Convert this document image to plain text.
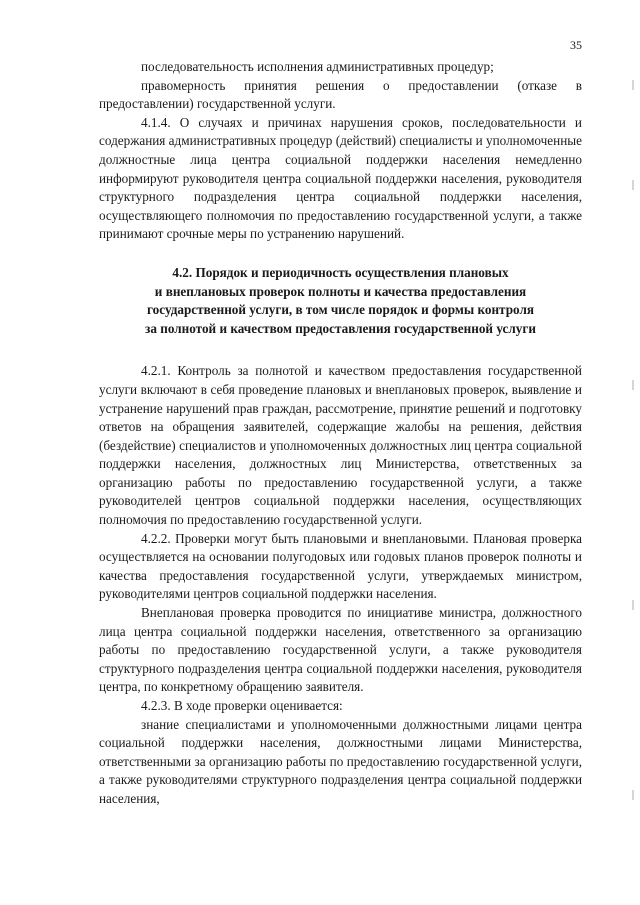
35

последовательность исполнения административных процедур;

правомерность принятия решения о предоставлении (отказе в предоставлении) государственной услуги.

4.1.4. О случаях и причинах нарушения сроков, последовательности и содержания административных процедур (действий) специалисты и уполномоченные должностные лица центра социальной поддержки населения немедленно информируют руководителя центра социальной поддержки населения, руководителя структурного подразделения центра социальной поддержки населения, осуществляющего полномочия по предоставлению государственной услуги, а также принимают срочные меры по устранению нарушений.

4.2. Порядок и периодичность осуществления плановых
и внеплановых проверок полноты и качества предоставления
государственной услуги, в том числе порядок и формы контроля
за полнотой и качеством предоставления государственной услуги

4.2.1. Контроль за полнотой и качеством предоставления государственной услуги включают в себя проведение плановых и внеплановых проверок, выявление и устранение нарушений прав граждан, рассмотрение, принятие решений и подготовку ответов на обращения заявителей, содержащие жалобы на решения, действия (бездействие) специалистов и уполномоченных должностных лиц центра социальной поддержки населения, должностных лиц Министерства, ответственных за организацию работы по предоставлению государственной услуги, а также руководителей центров социальной поддержки населения, осуществляющих полномочия по предоставлению государственной услуги.

4.2.2. Проверки могут быть плановыми и внеплановыми. Плановая проверка осуществляется на основании полугодовых или годовых планов проверок полноты и качества предоставления государственной услуги, утверждаемых министром, руководителями центров социальной поддержки населения.

Внеплановая проверка проводится по инициативе министра, должностного лица центра социальной поддержки населения, ответственного за организацию работы по предоставлению государственной услуги, а также руководителя структурного подразделения центра социальной поддержки населения, руководителя центра, по конкретному обращению заявителя.

4.2.3. В ходе проверки оценивается:

знание специалистами и уполномоченными должностными лицами центра социальной поддержки населения, должностными лицами Министерства, ответственными за организацию работы по предоставлению государственной услуги, а также руководителями структурного подразделения центра социальной поддержки населения,
